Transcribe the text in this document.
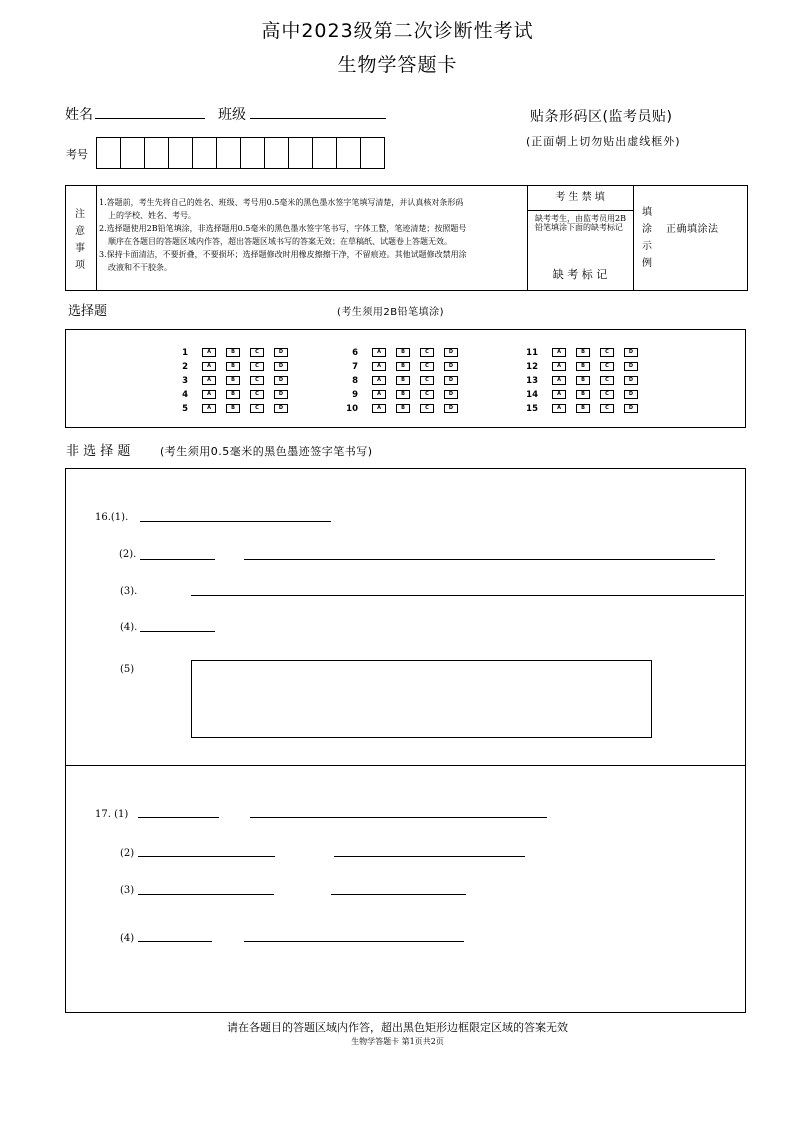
高中2023级第二次诊断性考试
生物学答题卡
姓名	班级
考号
贴条形码区(监考员贴)
(正面朝上切勿贴出虚线框外)
注意事项
1.答题前，考生先将自己的姓名、班级、考号用0.5毫米的黑色墨水签字笔填写清楚，并认真核对条形码
上的学校、姓名、考号。
2.选择题使用2B铅笔填涂，非选择题用0.5毫米的黑色墨水签字笔书写，字体工整，笔迹清楚；按照题号
顺序在各题目的答题区域内作答，超出答题区域书写的答案无效；在草稿纸、试题卷上答题无效。
3.保持卡面清洁，不要折叠，不要损坏；选择题修改时用橡皮擦擦干净，不留痕迹。其他试题修改禁用涂
改液和不干胶条。
考 生 禁 填
缺考考生，由监考员用2B铅笔填涂下面的缺考标记
缺 考 标 记
填涂示例
正确填涂法
选择题	(考生须用2B铅笔填涂)
1	A	B	C	D
2	A	B	C	D
3	A	B	C	D
4	A	B	C	D
5	A	B	C	D
6	A	B	C	D
7	A	B	C	D
8	A	B	C	D
9	A	B	C	D
10	A	B	C	D
11	A	B	C	D
12	A	B	C	D
13	A	B	C	D
14	A	B	C	D
15	A	B	C	D
非 选 择 题	(考生须用0.5毫米的黑色墨迹签字笔书写)
16.(1).
(2).
(3).
(4).
(5)
17. (1)
(2)
(3)
(4)
请在各题目的答题区域内作答，超出黑色矩形边框限定区域的答案无效
生物学答题卡 第1页共2页
